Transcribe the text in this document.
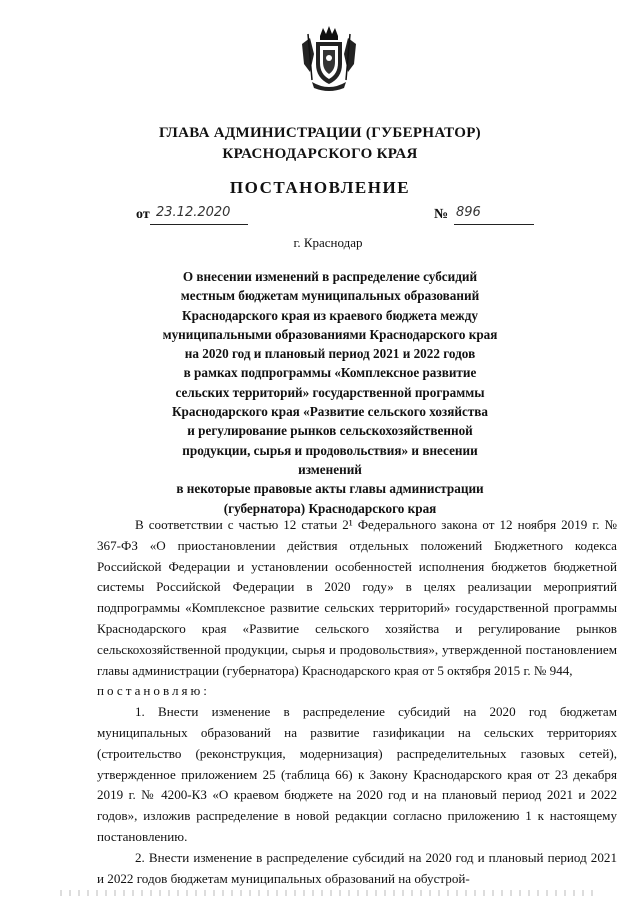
ГЛАВА АДМИНИСТРАЦИИ (ГУБЕРНАТОР)
КРАСНОДАРСКОГО КРАЯ
ПОСТАНОВЛЕНИЕ
от 23.12.2020	№ 896
г. Краснодар
О внесении изменений в распределение субсидий
местным бюджетам муниципальных образований
Краснодарского края из краевого бюджета между
муниципальными образованиями Краснодарского края
на 2020 год и плановый период 2021 и 2022 годов
в рамках подпрограммы «Комплексное развитие
сельских территорий» государственной программы
Краснодарского края «Развитие сельского хозяйства
и регулирование рынков сельскохозяйственной
продукции, сырья и продовольствия» и внесении изменений
в некоторые правовые акты главы администрации
(губернатора) Краснодарского края

В соответствии с частью 12 статьи 2¹ Федерального закона от 12 ноября 2019 г. № 367-ФЗ «О приостановлении действия отдельных положений Бюджетного кодекса Российской Федерации и установлении особенностей исполнения бюджетов бюджетной системы Российской Федерации в 2020 году» в целях реализации мероприятий подпрограммы «Комплексное развитие сельских территорий» государственной программы Краснодарского края «Развитие сельского хозяйства и регулирование рынков сельскохозяйственной продукции, сырья и продовольствия», утвержденной постановлением главы администрации (губернатора) Краснодарского края от 5 октября 2015 г. № 944,

постановляю:

1. Внести изменение в распределение субсидий на 2020 год бюджетам муниципальных образований на развитие газификации на сельских территориях (строительство (реконструкция, модернизация) распределительных газовых сетей), утвержденное приложением 25 (таблица 66) к Закону Краснодарского края от 23 декабря 2019 г. № 4200-КЗ «О краевом бюджете на 2020 год и на плановый период 2021 и 2022 годов», изложив распределение в новой редакции согласно приложению 1 к настоящему постановлению.

2. Внести изменение в распределение субсидий на 2020 год и плановый период 2021 и 2022 годов бюджетам муниципальных образований на обустрой-
